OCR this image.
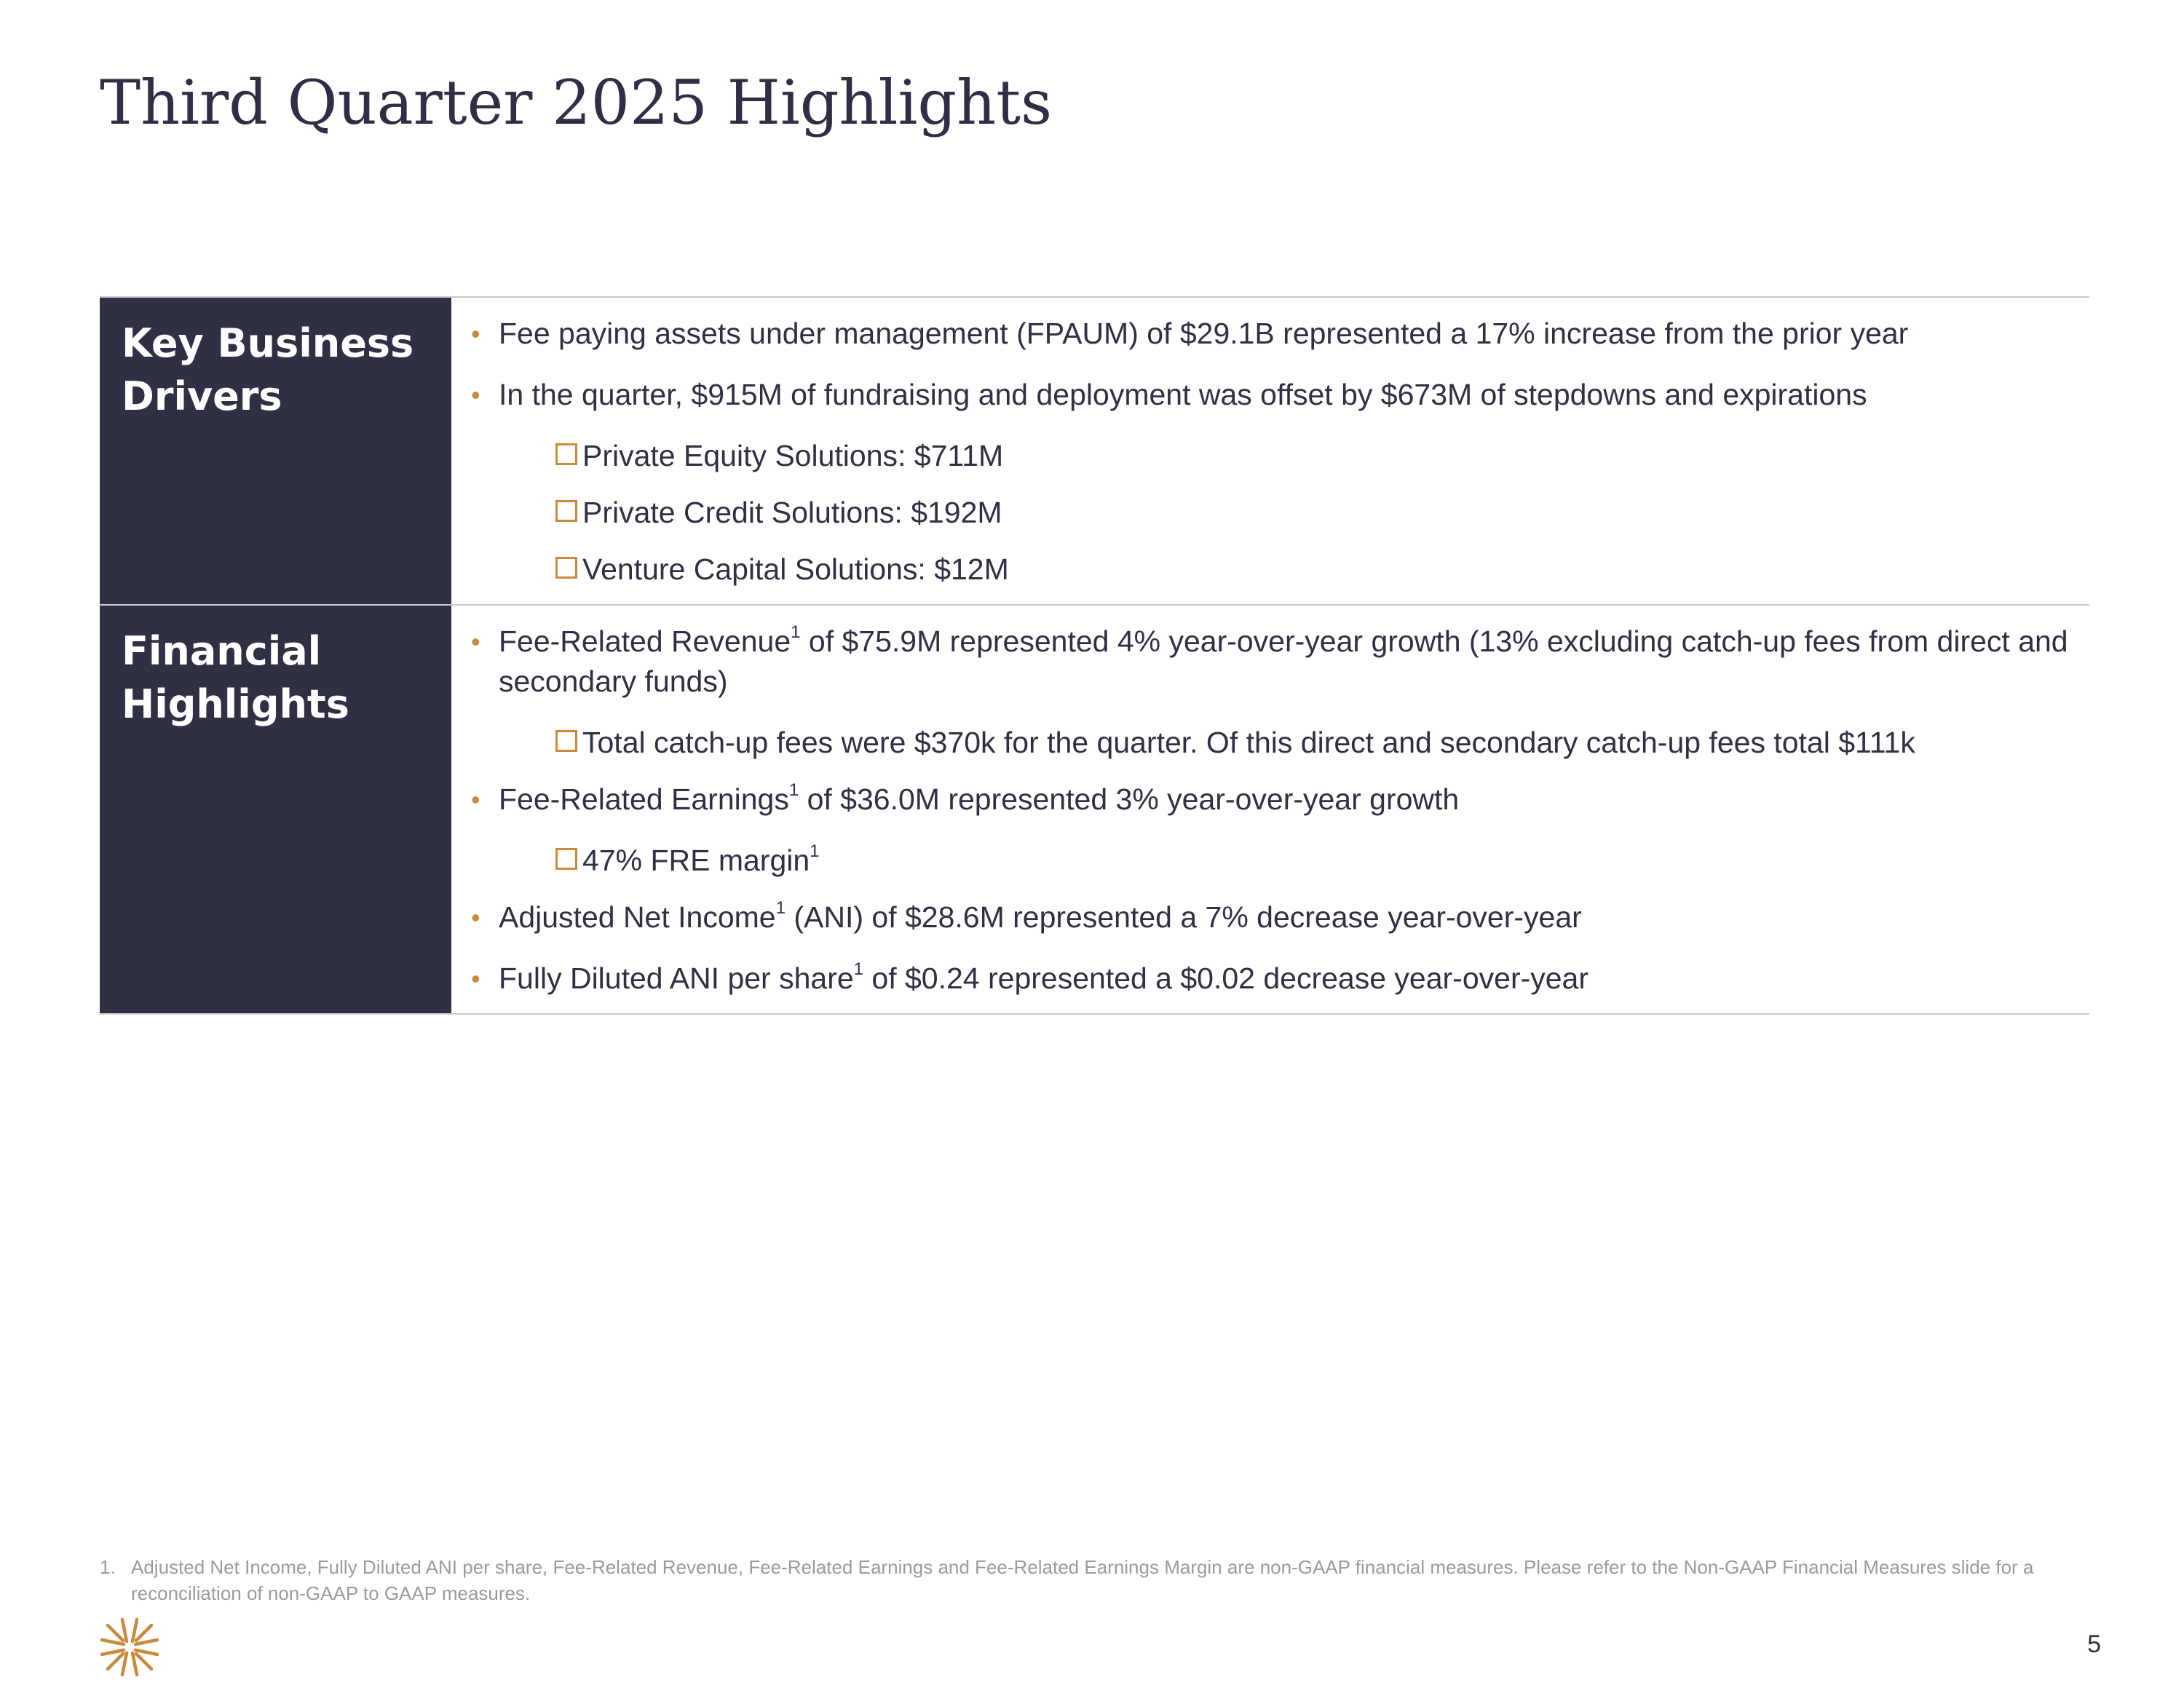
Third Quarter 2025 Highlights
Key Business
Drivers
• Fee paying assets under management (FPAUM) of $29.1B represented a 17% increase from the prior year
• In the quarter, $915M of fundraising and deployment was offset by $673M of stepdowns and expirations
Private Equity Solutions: $711M
Private Credit Solutions: $192M
Venture Capital Solutions: $12M
Financial
Highlights
• Fee-Related Revenue$^1$ of $75.9M represented 4% year-over-year growth (13% excluding catch-up fees from direct and secondary funds)
Total catch-up fees were $370k for the quarter. Of this direct and secondary catch-up fees total $111k
• Fee-Related Earnings$^1$ of $36.0M represented 3% year-over-year growth
47% FRE margin$^1$
• Adjusted Net Income$^1$ (ANI) of $28.6M represented a 7% decrease year-over-year
• Fully Diluted ANI per share$^1$ of $0.24 represented a $0.02 decrease year-over-year
1. Adjusted Net Income, Fully Diluted ANI per share, Fee-Related Revenue, Fee-Related Earnings and Fee-Related Earnings Margin are non-GAAP financial measures. Please refer to the Non-GAAP Financial Measures slide for a reconciliation of non-GAAP to GAAP measures.
5
